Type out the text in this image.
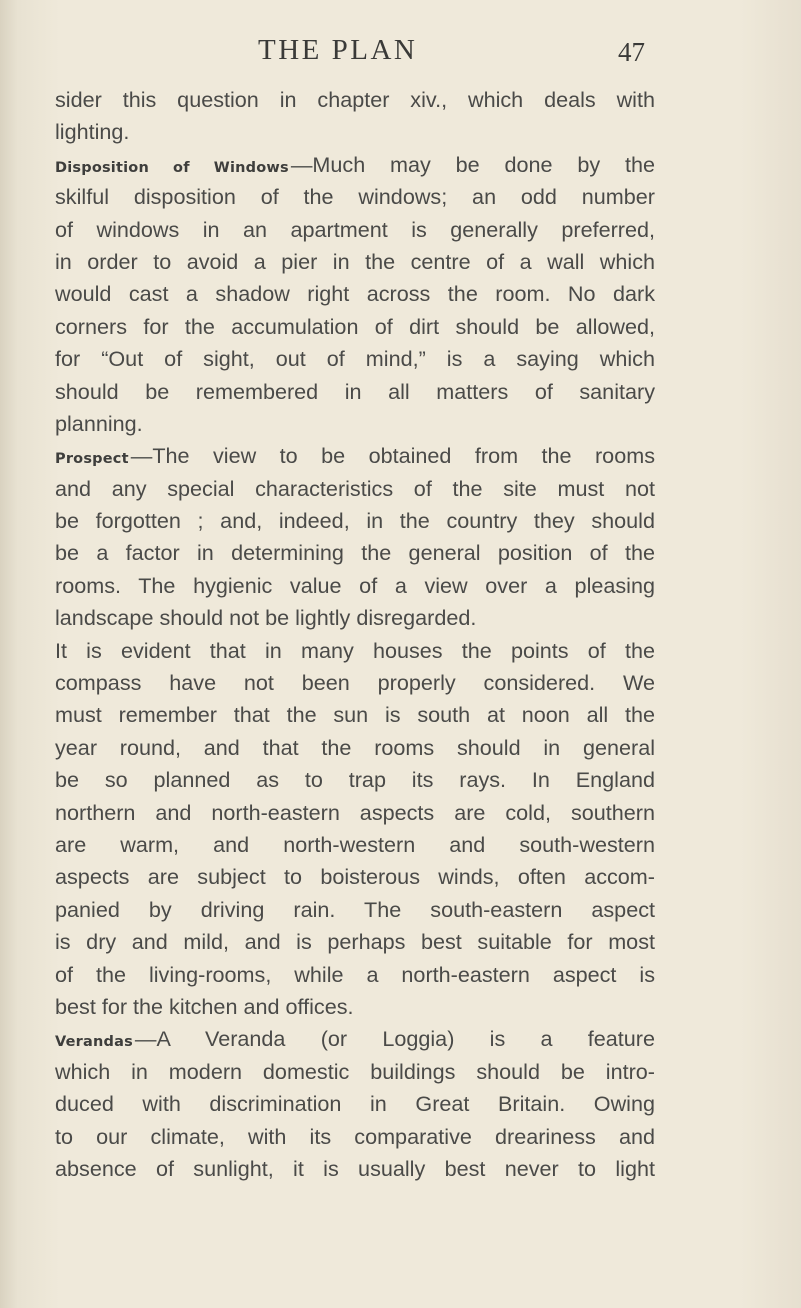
THE PLAN	47
sider this question in chapter xiv., which deals with
lighting.
Disposition of Windows—Much may be done by the
skilful disposition of the windows; an odd number
of windows in an apartment is generally preferred,
in order to avoid a pier in the centre of a wall which
would cast a shadow right across the room. No dark
corners for the accumulation of dirt should be allowed,
for “Out of sight, out of mind,” is a saying which
should be remembered in all matters of sanitary
planning.
Prospect—The view to be obtained from the rooms
and any special characteristics of the site must not
be forgotten ; and, indeed, in the country they should
be a factor in determining the general position of the
rooms. The hygienic value of a view over a pleasing
landscape should not be lightly disregarded.
It is evident that in many houses the points of the
compass have not been properly considered. We
must remember that the sun is south at noon all the
year round, and that the rooms should in general
be so planned as to trap its rays. In England
northern and north-eastern aspects are cold, southern
are warm, and north-western and south-western
aspects are subject to boisterous winds, often accom-
panied by driving rain. The south-eastern aspect
is dry and mild, and is perhaps best suitable for most
of the living-rooms, while a north-eastern aspect is
best for the kitchen and offices.
Verandas—A Veranda (or Loggia) is a feature
which in modern domestic buildings should be intro-
duced with discrimination in Great Britain. Owing
to our climate, with its comparative dreariness and
absence of sunlight, it is usually best never to light
